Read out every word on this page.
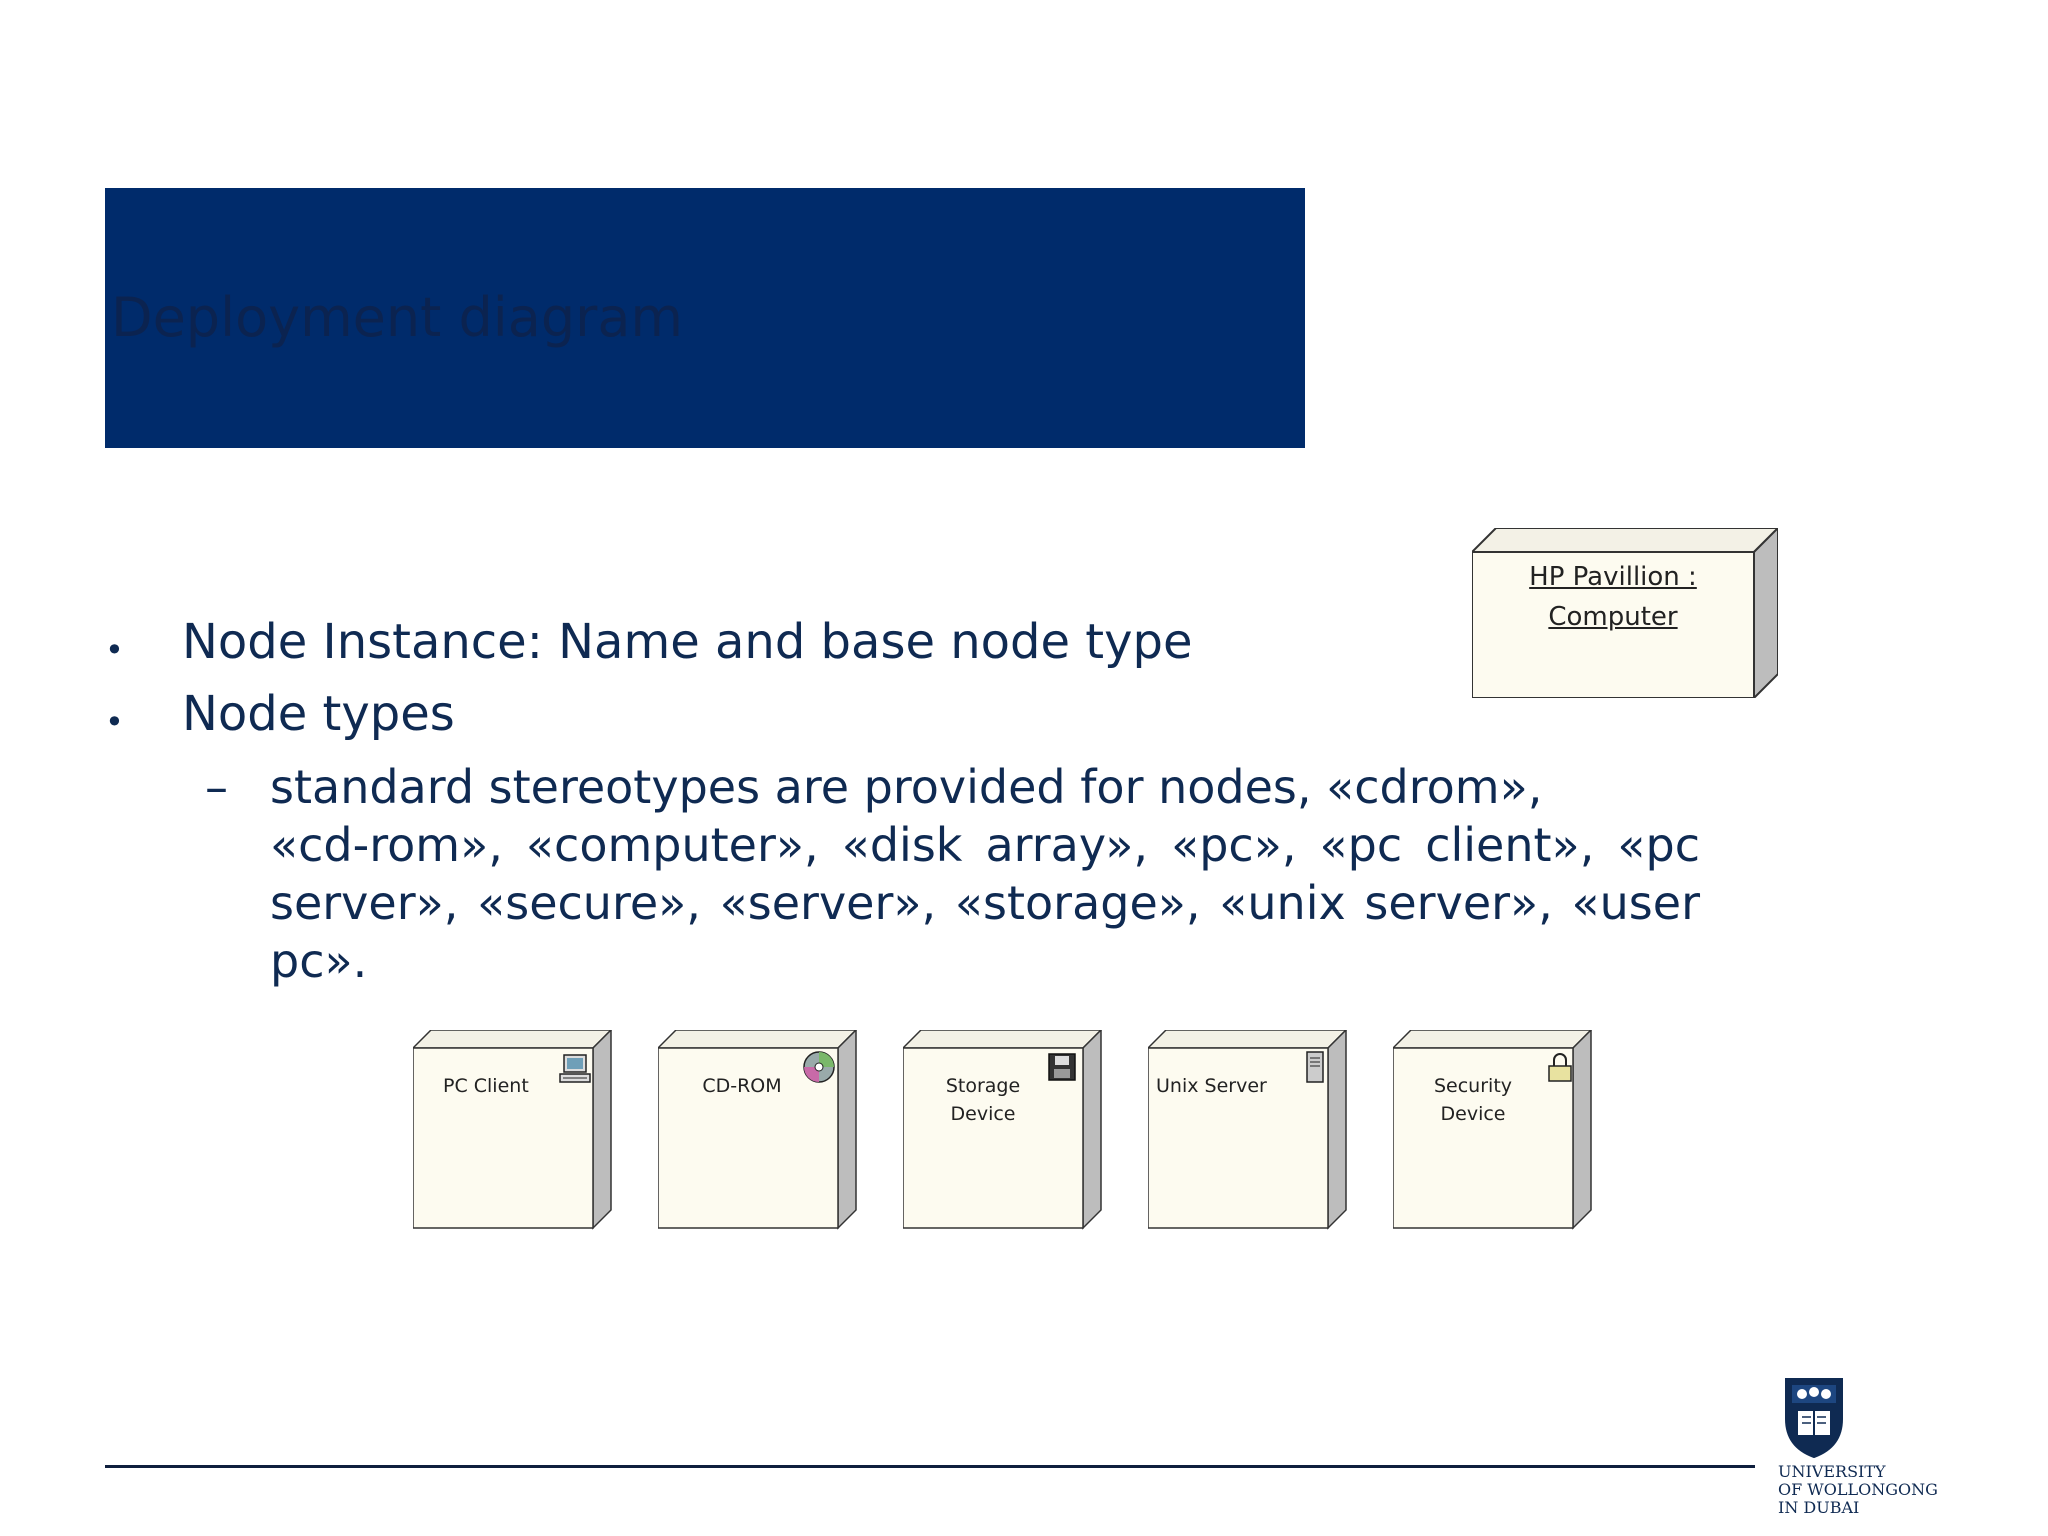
Deployment diagram
HP Pavillion :
Computer
• Node Instance: Name and base node type
• Node types
– standard stereotypes are provided for nodes, «cdrom»,
«cd-rom», «computer», «disk array», «pc», «pc client», «pc
server», «secure», «server», «storage», «unix server», «user
pc».
PC Client	CD-ROM	Storage
Device
Unix Server	Security
Device
UNIVERSITY
OF WOLLONGONG
IN DUBAI
